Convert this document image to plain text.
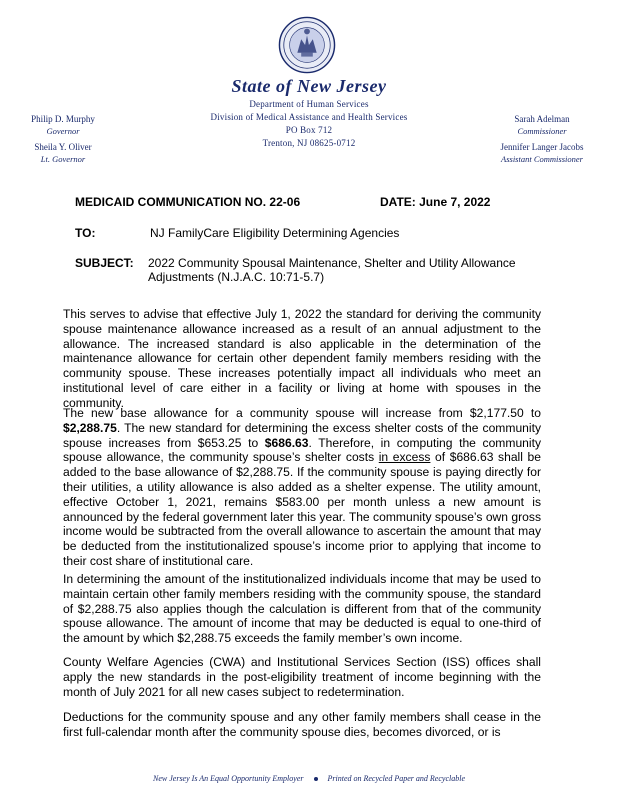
State of New Jersey
Department of Human Services
Division of Medical Assistance and Health Services
PO Box 712
Trenton, NJ 08625-0712
Philip D. Murphy
Governor
Sheila Y. Oliver
Lt. Governor
Sarah Adelman
Commissioner
Jennifer Langer Jacobs
Assistant Commissioner
MEDICAID COMMUNICATION NO. 22-06	DATE: June 7, 2022
TO:	NJ FamilyCare Eligibility Determining Agencies
SUBJECT: 2022 Community Spousal Maintenance, Shelter and Utility Allowance
Adjustments (N.J.A.C. 10:71-5.7)
This serves to advise that effective July 1, 2022 the standard for deriving the community spouse maintenance allowance increased as a result of an annual adjustment to the allowance. The increased standard is also applicable in the determination of the maintenance allowance for certain other dependent family members residing with the community spouse. These increases potentially impact all individuals who meet an institutional level of care either in a facility or living at home with spouses in the community.
The new base allowance for a community spouse will increase from $2,177.50 to $2,288.75. The new standard for determining the excess shelter costs of the community spouse increases from $653.25 to $686.63. Therefore, in computing the community spouse allowance, the community spouse’s shelter costs in excess of $686.63 shall be added to the base allowance of $2,288.75. If the community spouse is paying directly for their utilities, a utility allowance is also added as a shelter expense. The utility amount, effective October 1, 2021, remains $583.00 per month unless a new amount is announced by the federal government later this year. The community spouse’s own gross income would be subtracted from the overall allowance to ascertain the amount that may be deducted from the institutionalized spouse’s income prior to applying that income to their cost share of institutional care.
In determining the amount of the institutionalized individuals income that may be used to maintain certain other family members residing with the community spouse, the standard of $2,288.75 also applies though the calculation is different from that of the community spouse allowance. The amount of income that may be deducted is equal to one-third of the amount by which $2,288.75 exceeds the family member’s own income.
County Welfare Agencies (CWA) and Institutional Services Section (ISS) offices shall apply the new standards in the post-eligibility treatment of income beginning with the month of July 2021 for all new cases subject to redetermination.
Deductions for the community spouse and any other family members shall cease in the first full-calendar month after the community spouse dies, becomes divorced, or is
New Jersey Is An Equal Opportunity Employer	Printed on Recycled Paper and Recyclable
